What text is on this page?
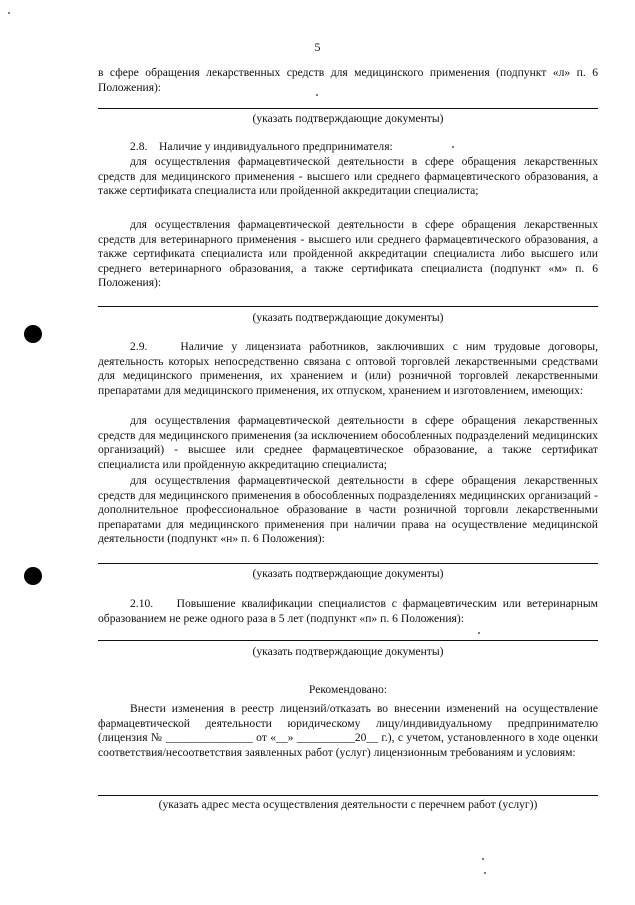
5

в сфере обращения лекарственных средств для медицинского применения (подпункт «л» п. 6 Положения):

(указать подтверждающие документы)

2.8.    Наличие у индивидуального предпринимателя:

для осуществления фармацевтической деятельности в сфере обращения лекарственных средств для медицинского применения - высшего или среднего фармацевтического образования, а также сертификата специалиста или пройденной аккредитации специалиста;

для осуществления фармацевтической деятельности в сфере обращения лекарственных средств для ветеринарного применения - высшего или среднего фармацевтического образования, а также сертификата специалиста или пройденной аккредитации специалиста либо высшего или среднего ветеринарного образования, а также сертификата специалиста (подпункт «м» п. 6 Положения):

(указать подтверждающие документы)

2.9.    Наличие у лицензиата работников, заключивших с ним трудовые договоры, деятельность которых непосредственно связана с оптовой торговлей лекарственными средствами для медицинского применения, их хранением и (или) розничной торговлей лекарственными препаратами для медицинского применения, их отпуском, хранением и изготовлением, имеющих:

для осуществления фармацевтической деятельности в сфере обращения лекарственных средств для медицинского применения (за исключением обособленных подразделений медицинских организаций) - высшее или среднее фармацевтическое образование, а также сертификат специалиста или пройденную аккредитацию специалиста;

для осуществления фармацевтической деятельности в сфере обращения лекарственных средств для медицинского применения в обособленных подразделениях медицинских организаций - дополнительное профессиональное образование в части розничной торговли лекарственными препаратами для медицинского применения при наличии права на осуществление медицинской деятельности (подпункт «н» п. 6 Положения):

(указать подтверждающие документы)

2.10.    Повышение квалификации специалистов с фармацевтическим или ветеринарным образованием не реже одного раза в 5 лет (подпункт «п» п. 6 Положения):

(указать подтверждающие документы)

Рекомендовано:

Внести изменения в реестр лицензий/отказать во внесении изменений на осуществление фармацевтической деятельности юридическому лицу/индивидуальному предпринимателю (лицензия № _______________ от «__» __________20__ г.), с учетом, установленного в ходе оценки соответствия/несоответствия заявленных работ (услуг) лицензионным требованиям и условиям:

(указать адрес места осуществления деятельности с перечнем работ (услуг))
